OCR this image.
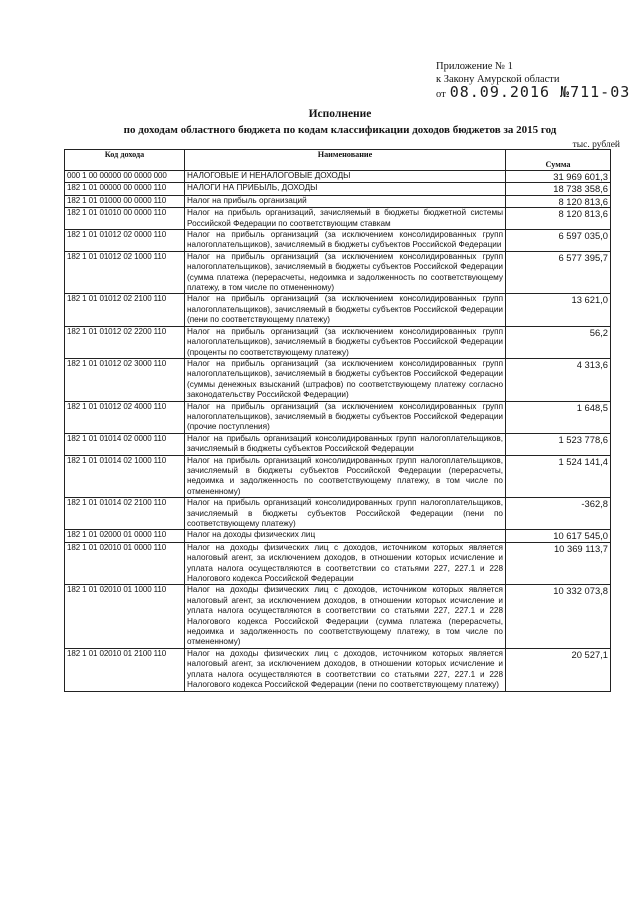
Приложение № 1
к Закону Амурской области
от 08.09.2016 №711-03
Исполнение
по доходам областного бюджета по кодам классификации доходов бюджетов за 2015 год
тыс. рублей
Код дохода	Наименование	Сумма
000 1 00 00000 00 0000 000	НАЛОГОВЫЕ И НЕНАЛОГОВЫЕ ДОХОДЫ	31 969 601,3
182 1 01 00000 00 0000 110	НАЛОГИ НА ПРИБЫЛЬ, ДОХОДЫ	18 738 358,6
182 1 01 01000 00 0000 110	Налог на прибыль организаций	8 120 813,6
182 1 01 01010 00 0000 110	Налог на прибыль организаций, зачисляемый в бюджеты бюджетной системы Российской Федерации по соответствующим ставкам	8 120 813,6
182 1 01 01012 02 0000 110	Налог на прибыль организаций (за исключением консолидированных групп налогоплательщиков), зачисляемый в бюджеты субъектов Российской Федерации	6 597 035,0
182 1 01 01012 02 1000 110	Налог на прибыль организаций (за исключением консолидированных групп налогоплательщиков), зачисляемый в бюджеты субъектов Российской Федерации (сумма платежа (перерасчеты, недоимка и задолженность по соответствующему платежу, в том числе по отмененному)	6 577 395,7
182 1 01 01012 02 2100 110	Налог на прибыль организаций (за исключением консолидированных групп налогоплательщиков), зачисляемый в бюджеты субъектов Российской Федерации (пени по соответствующему платежу)	13 621,0
182 1 01 01012 02 2200 110	Налог на прибыль организаций (за исключением консолидированных групп налогоплательщиков), зачисляемый в бюджеты субъектов Российской Федерации (проценты по соответствующему платежу)	56,2
182 1 01 01012 02 3000 110	Налог на прибыль организаций (за исключением консолидированных групп налогоплательщиков), зачисляемый в бюджеты субъектов Российской Федерации (суммы денежных взысканий (штрафов) по соответствующему платежу согласно законодательству Российской Федерации)	4 313,6
182 1 01 01012 02 4000 110	Налог на прибыль организаций (за исключением консолидированных групп налогоплательщиков), зачисляемый в бюджеты субъектов Российской Федерации (прочие поступления)	1 648,5
182 1 01 01014 02 0000 110	Налог на прибыль организаций консолидированных групп налогоплательщиков, зачисляемый в бюджеты субъектов Российской Федерации	1 523 778,6
182 1 01 01014 02 1000 110	Налог на прибыль организаций консолидированных групп налогоплательщиков, зачисляемый в бюджеты субъектов Российской Федерации (перерасчеты, недоимка и задолженность по соответствующему платежу, в том числе по отмененному)	1 524 141,4
182 1 01 01014 02 2100 110	Налог на прибыль организаций консолидированных групп налогоплательщиков, зачисляемый в бюджеты субъектов Российской Федерации (пени по соответствующему платежу)	-362,8
182 1 01 02000 01 0000 110	Налог на доходы физических лиц	10 617 545,0
182 1 01 02010 01 0000 110	Налог на доходы физических лиц с доходов, источником которых является налоговый агент, за исключением доходов, в отношении которых исчисление и уплата налога осуществляются в соответствии со статьями 227, 227.1 и 228 Налогового кодекса Российской Федерации	10 369 113,7
182 1 01 02010 01 1000 110	Налог на доходы физических лиц с доходов, источником которых является налоговый агент, за исключением доходов, в отношении которых исчисление и уплата налога осуществляются в соответствии со статьями 227, 227.1 и 228 Налогового кодекса Российской Федерации (сумма платежа (перерасчеты, недоимка и задолженность по соответствующему платежу, в том числе по отмененному)	10 332 073,8
182 1 01 02010 01 2100 110	Налог на доходы физических лиц с доходов, источником которых является налоговый агент, за исключением доходов, в отношении которых исчисление и уплата налога осуществляются в соответствии со статьями 227, 227.1 и 228 Налогового кодекса Российской Федерации (пени по соответствующему платежу)	20 527,1
